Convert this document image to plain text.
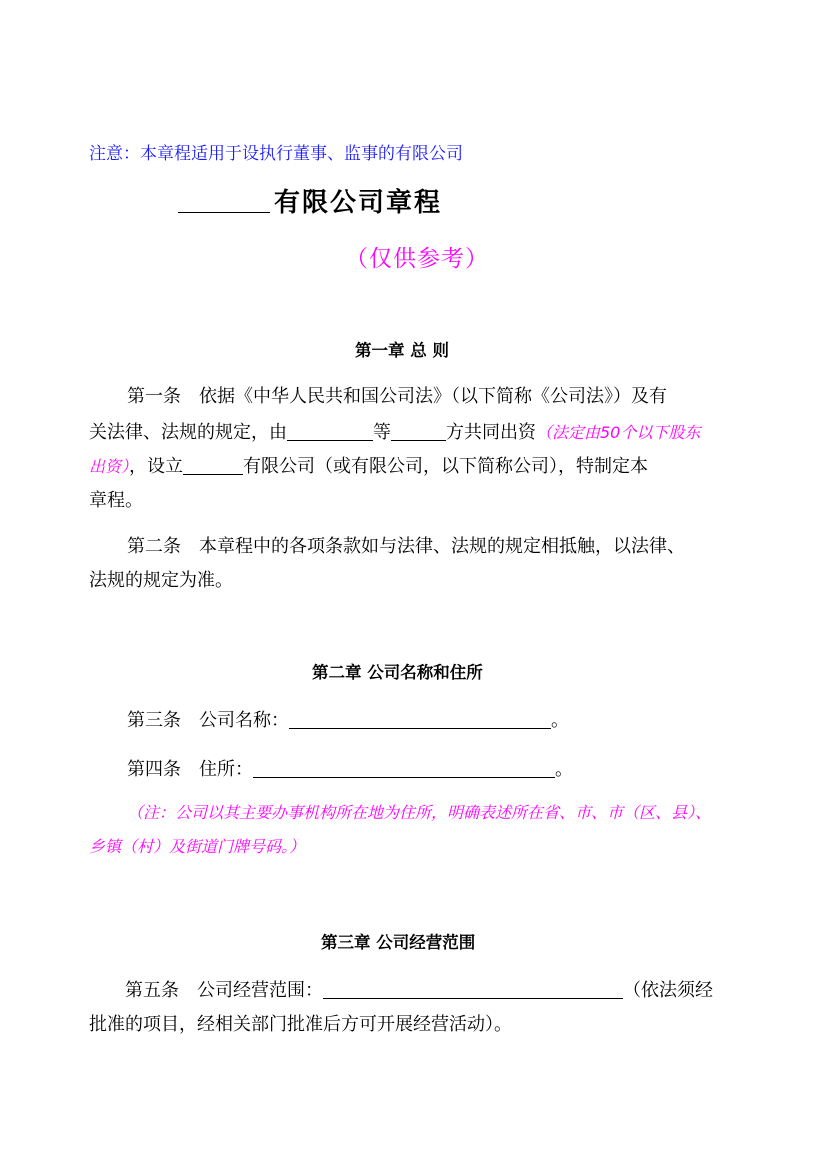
注意：本章程适用于设执行董事、监事的有限公司
有限公司章程
（仅供参考）
第一章 总 则
第一条 依据《中华人民共和国公司法》（以下简称《公司法》）及有
关法律、法规的规定，由	等	方共同出资（法定由50个以下股东
出资），设立	有限公司（或有限公司，以下简称公司），特制定本
章程。
第二条 本章程中的各项条款如与法律、法规的规定相抵触，以法律、
法规的规定为准。
第二章 公司名称和住所
第三条 公司名称：	。
第四条 住所：	。
（注：公司以其主要办事机构所在地为住所，明确表述所在省、市、市（区、县）、
乡镇（村）及街道门牌号码。）
第三章 公司经营范围
第五条 公司经营范围：	（依法须经
批准的项目，经相关部门批准后方可开展经营活动）。
